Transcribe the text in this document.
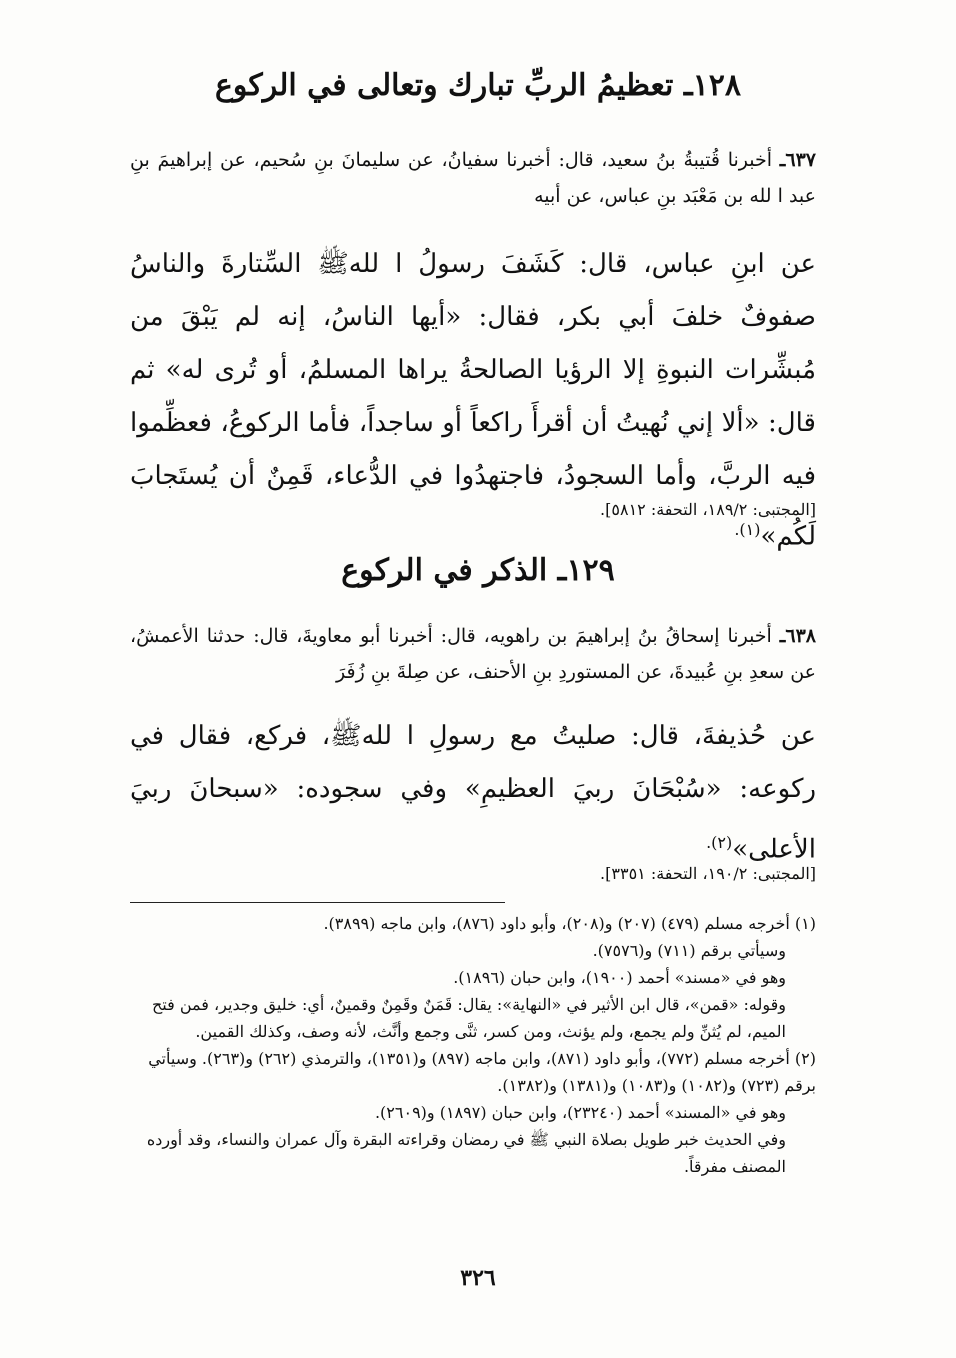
١٢٨ـ تعظيمُ الربِّ تبارك وتعالى في الركوع
٦٣٧ـ أخبرنا قُتيبةُ بنُ سعيد، قال: أخبرنا سفيانُ، عن سليمانَ بنِ سُحيم، عن إبراهيمَ بنِ عبد ا لله بن مَعْبَد بنِ عباس، عن أبيه
عن ابنِ عباس، قال: كَشَفَ رسولُ ا للهﷺ السِّتارةَ والناسُ صفوفٌ خلفَ أبي بكر، فقال: «أيها الناسُ، إنه لم يَبْقَ من مُبشِّرات النبوةِ إلا الرؤيا الصالحةُ يراها المسلمُ، أو تُرى له» ثم قال: «ألا إني نُهيتُ أن أقرأَ راكعاً أو ساجداً، فأما الركوعُ، فعظِّموا فيه الربَّ، وأما السجودُ، فاجتهدُوا في الدُّعاء، قَمِنٌ أن يُستَجابَ لَكُم»$^{(١).}$
[المجتبى: ١٨٩/٢، التحفة: ٥٨١٢].
١٢٩ـ الذكر في الركوع
٦٣٨ـ أخبرنا إسحاقُ بنُ إبراهيمَ بن راهويه، قال: أخبرنا أبو معاويةَ، قال: حدثنا الأعمشُ، عن سعدِ بنِ عُبيدةَ، عن المستوردِ بنِ الأحنف، عن صِلةَ بنِ زُفَرَ
عن حُذيفةَ، قال: صليتُ مع رسولِ ا للهﷺ، فركع، فقال في ركوعه: «سُبْحَانَ ربيَ العظيمِ» وفي سجوده: «سبحانَ ربيَ الأعلى»$^{(٢).}$
[المجتبى: ١٩٠/٢، التحفة: ٣٣٥١].

(١) أخرجه مسلم (٤٧٩) (٢٠٧) و(٢٠٨)، وأبو داود (٨٧٦)، وابن ماجه (٣٨٩٩).

وسيأتي برقم (٧١١) و(٧٥٧٦).

وهو في «مسند» أحمد (١٩٠٠)، وابن حبان (١٨٩٦).

وقوله: «قمن»، قال ابن الأثير في «النهاية»: يقال: قَمَنٌ وقَمِنٌ وقمينٌ، أي: خليق وجدير، فمن فتح الميم، لم يُثنِّ ولم يجمع، ولم يؤنث، ومن كسر، ثنَّى وجمع وأنَّث، لأنه وصف، وكذلك القمين.

(٢) أخرجه مسلم (٧٧٢)، وأبو داود (٨٧١)، وابن ماجه (٨٩٧) و(١٣٥١)، والترمذي (٢٦٢) و(٢٦٣). وسيأتي برقم (٧٢٣) و(١٠٨٢) و(١٠٨٣) و(١٣٨١) و(١٣٨٢).

وهو في «المسند» أحمد (٢٣٢٤٠)، وابن حبان (١٨٩٧) و(٢٦٠٩).

وفي الحديث خبر طويل بصلاة النبي ﷺ في رمضان وقراءته البقرة وآل عمران والنساء، وقد أورده المصنف مفرقاً.

٣٢٦
